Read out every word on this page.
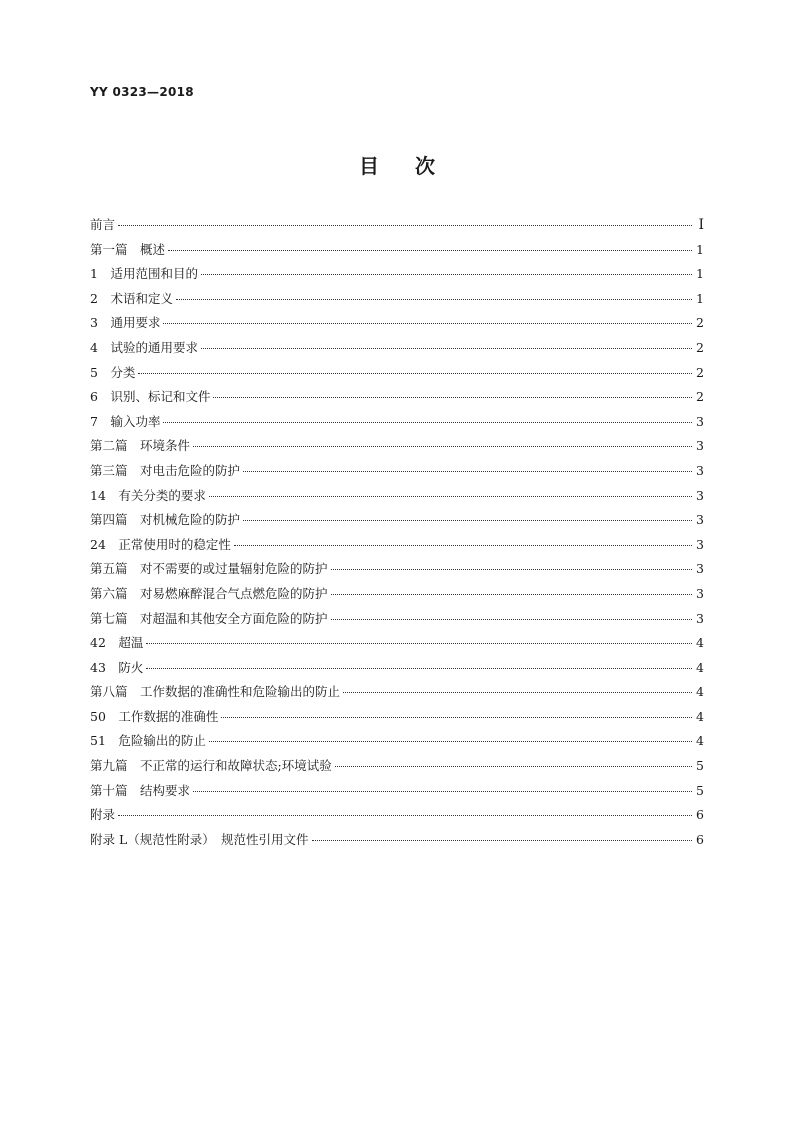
YY 0323—2018
目次
前言	I
第一篇　概述	1
1　适用范围和目的	1
2　术语和定义	1
3　通用要求	2
4　试验的通用要求	2
5　分类	2
6　识别、标记和文件	2
7　输入功率	3
第二篇　环境条件	3
第三篇　对电击危险的防护	3
14　有关分类的要求	3
第四篇　对机械危险的防护	3
24　正常使用时的稳定性	3
第五篇　对不需要的或过量辐射危险的防护	3
第六篇　对易燃麻醉混合气点燃危险的防护	3
第七篇　对超温和其他安全方面危险的防护	3
42　超温	4
43　防火	4
第八篇　工作数据的准确性和危险输出的防止	4
50　工作数据的准确性	4
51　危险输出的防止	4
第九篇　不正常的运行和故障状态;环境试验	5
第十篇　结构要求	5
附录	6
附录 L（规范性附录）　规范性引用文件	6
